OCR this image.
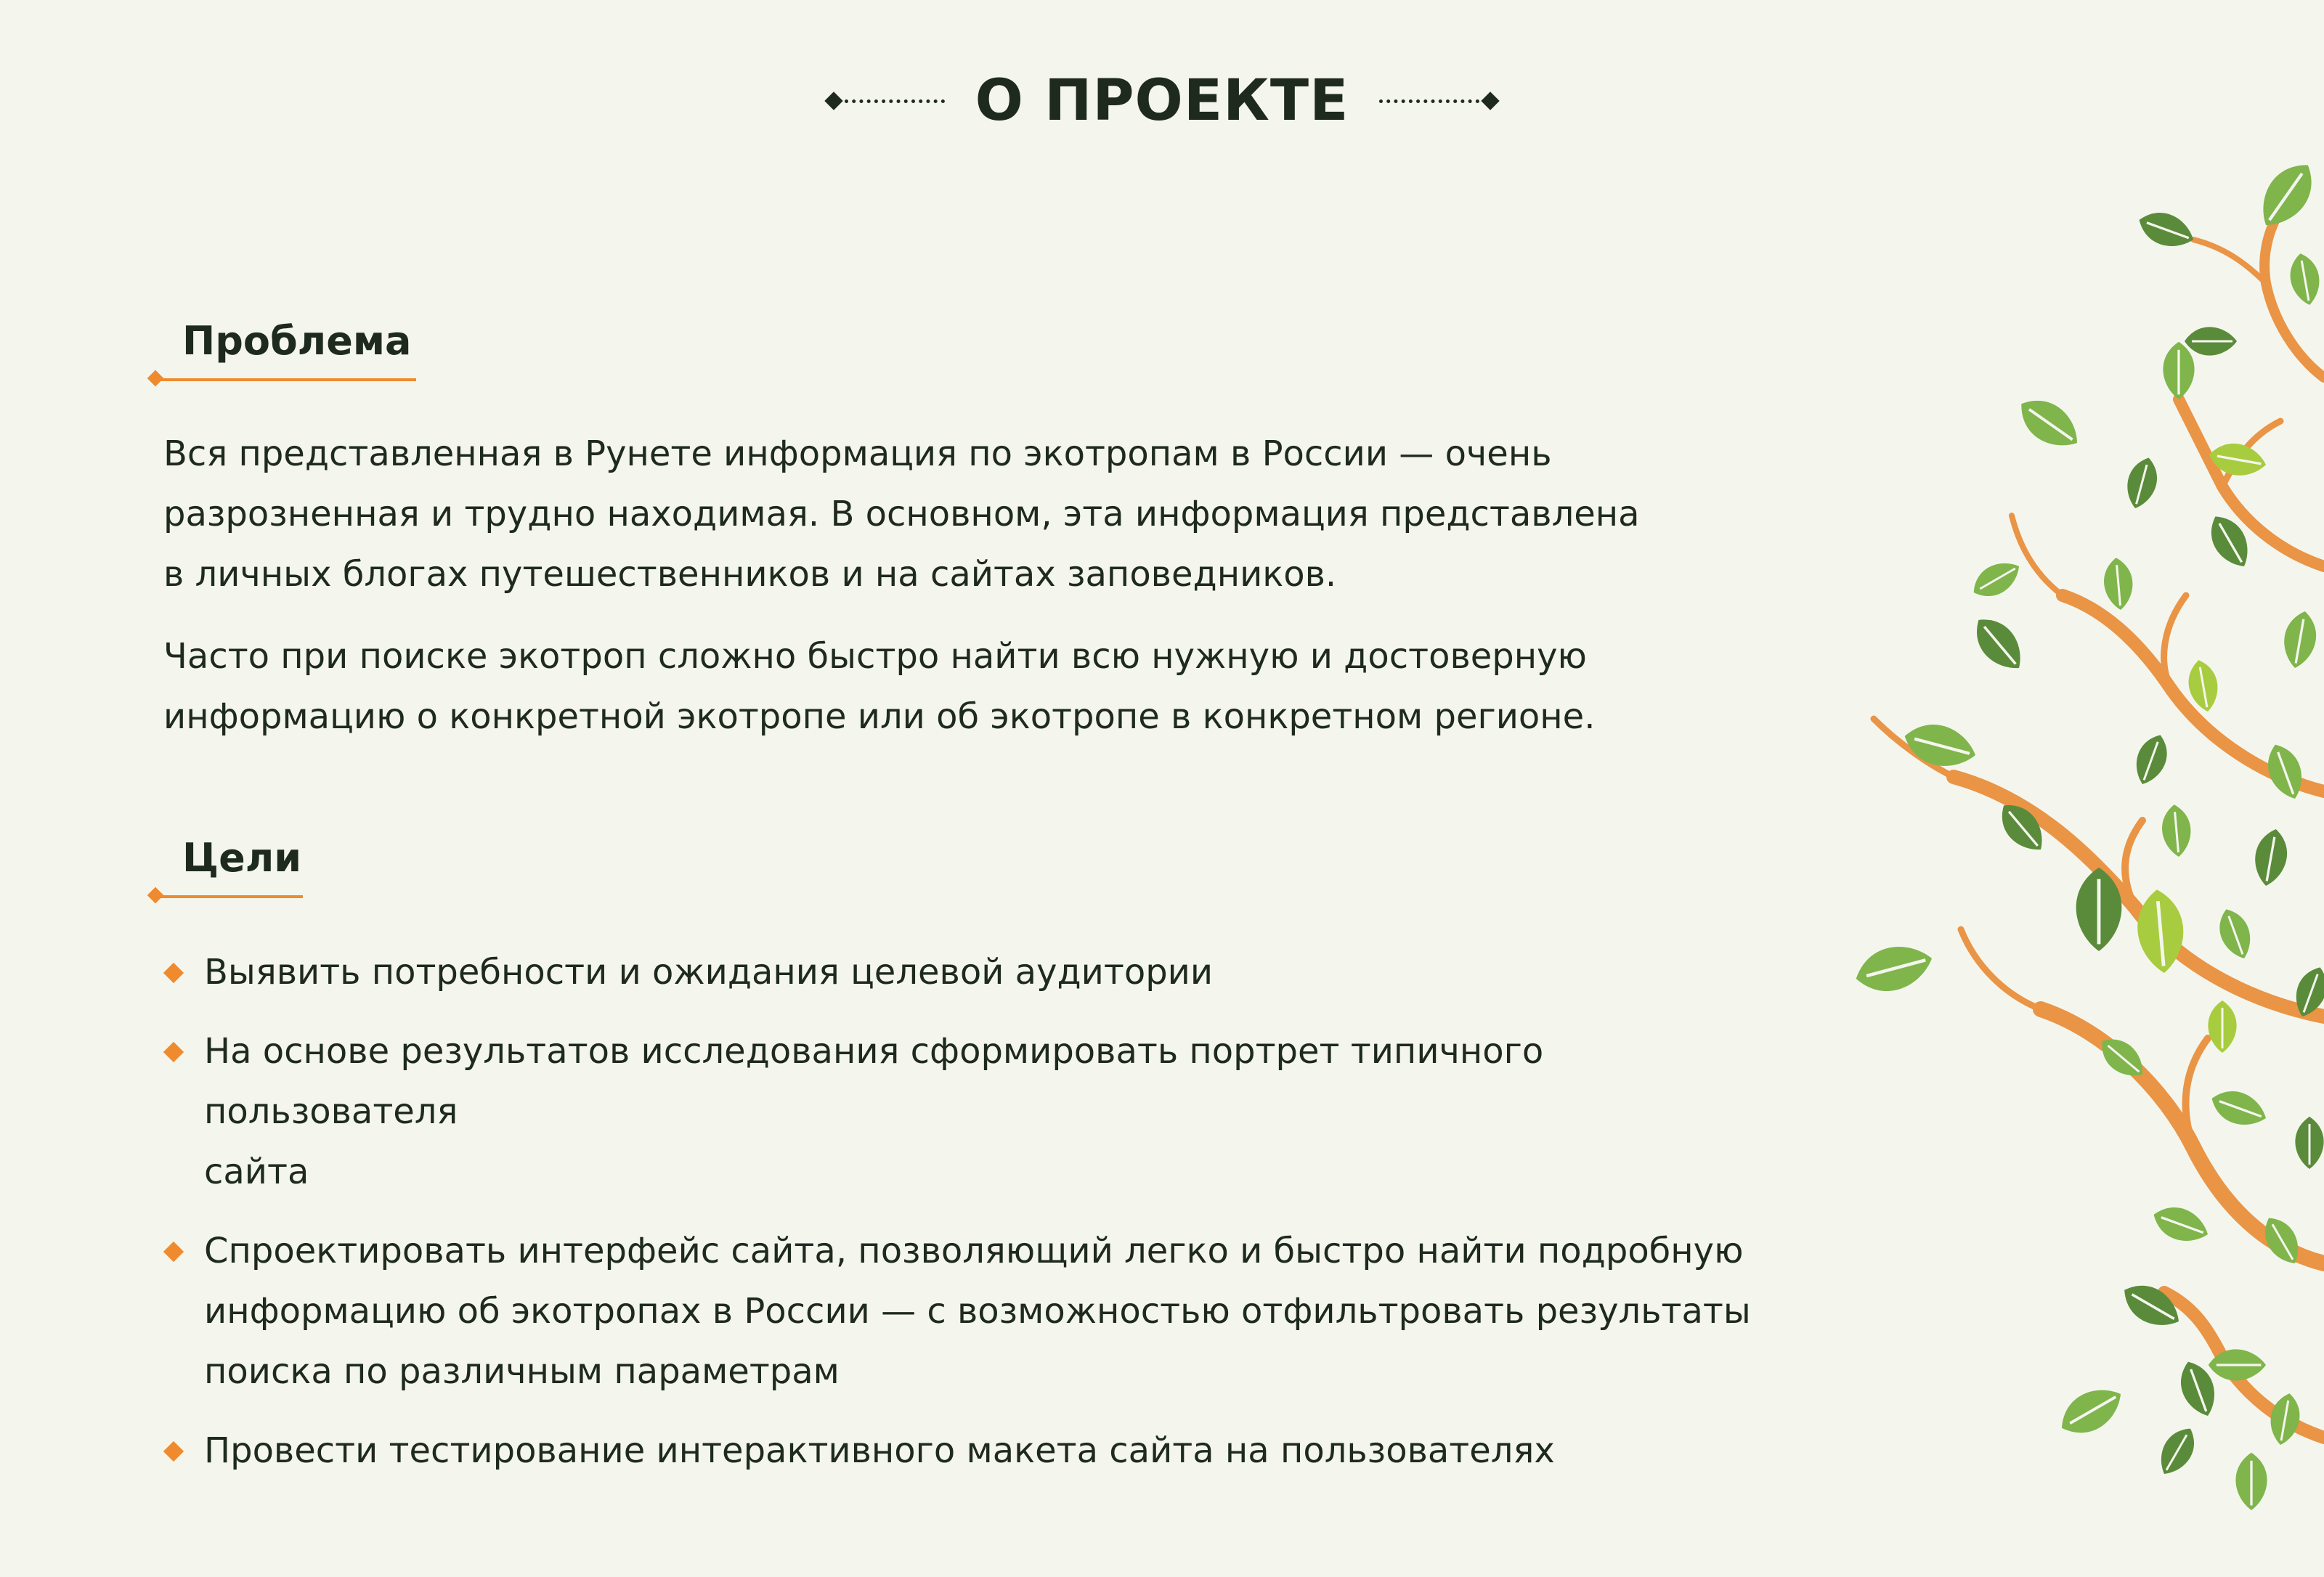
О ПРОЕКТЕ
Проблема

Вся представленная в Рунете информация по экотропам в России — очень
разрозненная и трудно находимая. В основном, эта информация представлена
в личных блогах путешественников и на сайтах заповедников.

Часто при поиске экотроп сложно быстро найти всю нужную и достоверную
информацию о конкретной экотропе или об экотропе в конкретном регионе.

Цели
Выявить потребности и ожидания целевой аудитории
На основе результатов исследования сформировать портрет типичного пользователя
сайта
Спроектировать интерфейс сайта, позволяющий легко и быстро найти подробную
информацию об экотропах в России — с возможностью отфильтровать результаты
поиска по различным параметрам
Провести тестирование интерактивного макета сайта на пользователях
